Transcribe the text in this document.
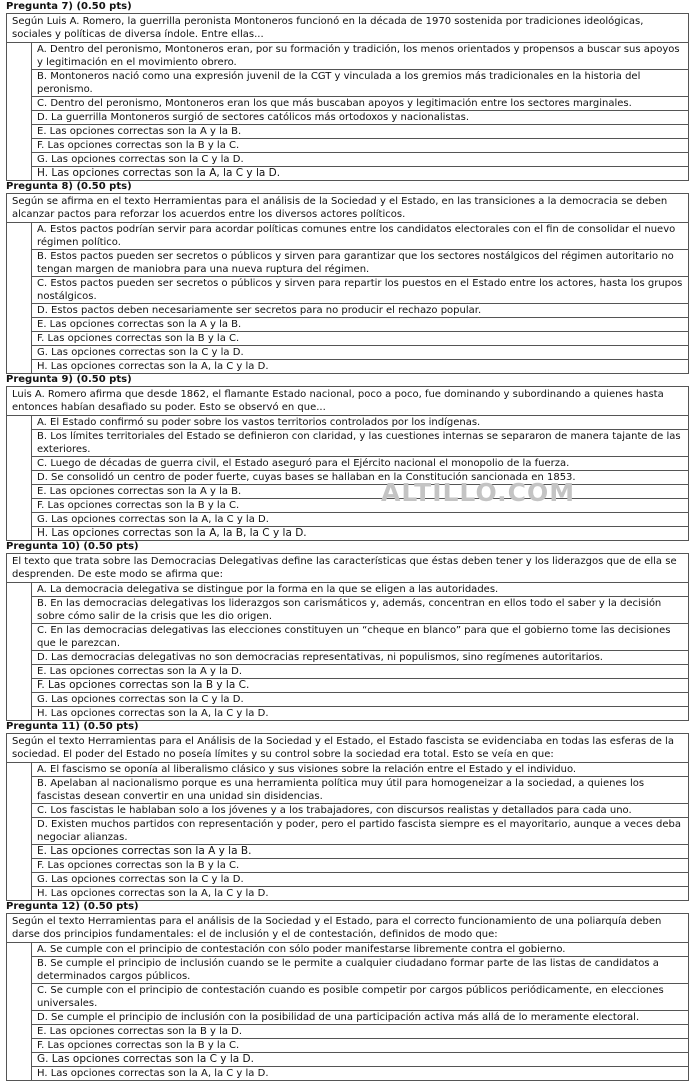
Pregunta 7) (0.50 pts)
Según Luis A. Romero, la guerrilla peronista Montoneros funcionó en la década de 1970 sostenida por tradiciones ideológicas, sociales y políticas de diversa índole. Entre ellas...
A. Dentro del peronismo, Montoneros eran, por su formación y tradición, los menos orientados y propensos a buscar sus apoyos y legitimación en el movimiento obrero.
B. Montoneros nació como una expresión juvenil de la CGT y vinculada a los gremios más tradicionales en la historia del peronismo.
C. Dentro del peronismo, Montoneros eran los que más buscaban apoyos y legitimación entre los sectores marginales.
D. La guerrilla Montoneros surgió de sectores católicos más ortodoxos y nacionalistas.
E. Las opciones correctas son la A y la B.
F. Las opciones correctas son la B y la C.
G. Las opciones correctas son la C y la D.
H. Las opciones correctas son la A, la C y la D.
Pregunta 8) (0.50 pts)
Según se afirma en el texto Herramientas para el análisis de la Sociedad y el Estado, en las transiciones a la democracia se deben alcanzar pactos para reforzar los acuerdos entre los diversos actores políticos.
A. Estos pactos podrían servir para acordar políticas comunes entre los candidatos electorales con el fin de consolidar el nuevo régimen político.
B. Estos pactos pueden ser secretos o públicos y sirven para garantizar que los sectores nostálgicos del régimen autoritario no tengan margen de maniobra para una nueva ruptura del régimen.
C. Estos pactos pueden ser secretos o públicos y sirven para repartir los puestos en el Estado entre los actores, hasta los grupos nostálgicos.
D. Estos pactos deben necesariamente ser secretos para no producir el rechazo popular.
E. Las opciones correctas son la A y la B.
F. Las opciones correctas son la B y la C.
G. Las opciones correctas son la C y la D.
H. Las opciones correctas son la A, la C y la D.
Pregunta 9) (0.50 pts)
Luis A. Romero afirma que desde 1862, el flamante Estado nacional, poco a poco, fue dominando y subordinando a quienes hasta entonces habían desafiado su poder. Esto se observó en que...
A. El Estado confirmó su poder sobre los vastos territorios controlados por los indígenas.
B. Los límites territoriales del Estado se definieron con claridad, y las cuestiones internas se separaron de manera tajante de las exteriores.
C. Luego de décadas de guerra civil, el Estado aseguró para el Ejército nacional el monopolio de la fuerza.
D. Se consolidó un centro de poder fuerte, cuyas bases se hallaban en la Constitución sancionada en 1853.
E. Las opciones correctas son la A y la B.
F. Las opciones correctas son la B y la C.
G. Las opciones correctas son la A, la C y la D.
H. Las opciones correctas son la A, la B, la C y la D.
Pregunta 10) (0.50 pts)
El texto que trata sobre las Democracias Delegativas define las características que éstas deben tener y los liderazgos que de ella se desprenden. De este modo se afirma que:
A. La democracia delegativa se distingue por la forma en la que se eligen a las autoridades.
B. En las democracias delegativas los liderazgos son carismáticos y, además, concentran en ellos todo el saber y la decisión sobre cómo salir de la crisis que les dio origen.
C. En las democracias delegativas las elecciones constituyen un “cheque en blanco” para que el gobierno tome las decisiones que le parezcan.
D. Las democracias delegativas no son democracias representativas, ni populismos, sino regímenes autoritarios.
E. Las opciones correctas son la A y la D.
F. Las opciones correctas son la B y la C.
G. Las opciones correctas son la C y la D.
H. Las opciones correctas son la A, la C y la D.
Pregunta 11) (0.50 pts)
Según el texto Herramientas para el Análisis de la Sociedad y el Estado, el Estado fascista se evidenciaba en todas las esferas de la sociedad. El poder del Estado no poseía límites y su control sobre la sociedad era total. Esto se veía en que:
A. El fascismo se oponía al liberalismo clásico y sus visiones sobre la relación entre el Estado y el individuo.
B. Apelaban al nacionalismo porque es una herramienta política muy útil para homogeneizar a la sociedad, a quienes los fascistas desean convertir en una unidad sin disidencias.
C. Los fascistas le hablaban solo a los jóvenes y a los trabajadores, con discursos realistas y detallados para cada uno.
D. Existen muchos partidos con representación y poder, pero el partido fascista siempre es el mayoritario, aunque a veces deba negociar alianzas.
E. Las opciones correctas son la A y la B.
F. Las opciones correctas son la B y la C.
G. Las opciones correctas son la C y la D.
H. Las opciones correctas son la A, la C y la D.
Pregunta 12) (0.50 pts)
Según el texto Herramientas para el análisis de la Sociedad y el Estado, para el correcto funcionamiento de una poliarquía deben darse dos principios fundamentales: el de inclusión y el de contestación, definidos de modo que:
A. Se cumple con el principio de contestación con sólo poder manifestarse libremente contra el gobierno.
B. Se cumple el principio de inclusión cuando se le permite a cualquier ciudadano formar parte de las listas de candidatos a determinados cargos públicos.
C. Se cumple con el principio de contestación cuando es posible competir por cargos públicos periódicamente, en elecciones universales.
D. Se cumple el principio de inclusión con la posibilidad de una participación activa más allá de lo meramente electoral.
E. Las opciones correctas son la B y la D.
F. Las opciones correctas son la B y la C.
G. Las opciones correctas son la C y la D.
H. Las opciones correctas son la A, la C y la D.
ALTILLO.COM
